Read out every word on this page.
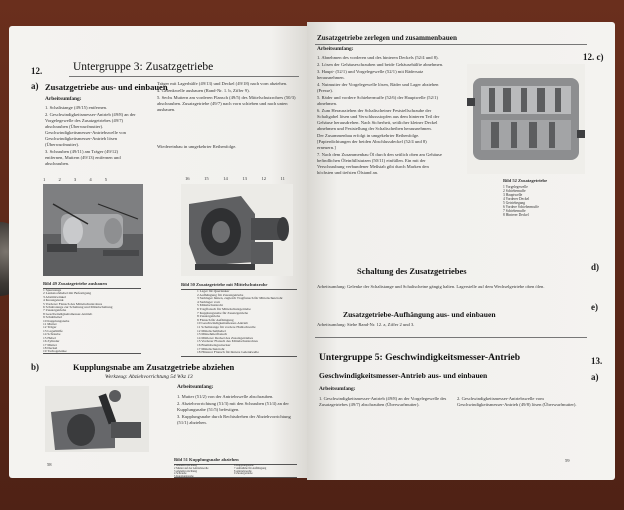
12.	Untergruppe 3: Zusatzgetriebe
a) Zusatzgetriebe aus- und einbauen
Arbeitsumfang:
1. Schaltstange (49/15) entfernen.
2. Geschwindigkeitsmesser-Antrieb (49/8) an der Vorgelegewelle des Zusatzgetriebes (49/7) abschrauben (Überwurfmutter). Geschwindigkeitsmesser-Antriebswelle von Geschwindigkeitsmesser-Antrieb lösen (Überwurfmutter).
3. Schrauben (49/11) am Träger (49/12) entfernen, Muttern (49/13) entfernen und abschrauben.
Träger mit Lagerhülfe (49/13) und Deckel (49/18) nach vorn abziehen.
4. Gelenkwelle ausbauen (Rand-Nr. 1. b, Ziffer 9).
5. Sechs Muttern am vorderen Flansch (49/5) des Mittelschutzrohres (50/3) abschrauben. Zusatzgetriebe (49/7) nach vorn schieben und nach unten ausbauen.
Wiedereinbau in umgekehrter Reihenfolge.
1 2 3 4 5
Bild 49 Zusatzgetriebe ausbauen
1 Spurstange
2 Lenkstockhebel mit Befestigung
3 Abstützwinkel
4 Kreuzgelenk
5 Vorderer Flansch des Mittelschutzrohres
6 Schaltstange zur Schaltung und Mittelschaltung
7 Zusatzgetriebe
8 Geschwindigkeitsmesser-Antrieb
9 Schalthebel
10 Kupplungsnabe
11 Mutter
12 Träger
13 Lagerhülfe
14 Schraube
15 Hebel
16 Zylinder
17 Mutter
18 Deckel
19 Tachogelenke
16	15	14	13	12	11
Bild 50 Zusatzgetriebe mit Mittelschutzrohr
1 Lager für Querlenker
2 Aufhängung für Zusatzgetriebe
3 Stehlager hinten, zugleich Tragflansch für Mittelschutzrohr
4 Stehlager vorn
5 Mittelschutzrohr
6 Tragflansch für Mittelschutzgetriebe
7 Kupplungsnabe für Zusatzgetriebe
8 Zusatzgetriebe
9 Flansch für Aufhängung
10 Geschwindigkeitsmesser-Antrieb
11 Schaltstange für vordere Hohlschwelle
12 Mittelschalthebel
13 Mitnehmerflansch
14 Mittlerer Deckel des Zusatzgetriebes
15 Vorderer Flansch des Mittelschutzrohres
16 Bremsbelagsstrecker
17 Mittelschutzrohr
18 Hinterer Flansch für hintere Gelenkwelle
b)	Kupplungsnabe am Zusatzgetriebe abziehen
Werkzeug: Abziehvorrichtung 54 Wkz 13
Arbeitsumfang:
1. Mutter (51/2) von der Antriebswelle abschrauben.
2. Abziehvorrichtung (51/3) mit den Schrauben (51/4) an der Kupplungsnabe (51/5) befestigen.
3. Kupplungsnabe durch Rechtsdrehen der Abziehvorrichtung (51/1) abziehen.
Bild 51 Kupplungsnabe abziehen
1 Abziehvorrichtung
2 Mutter auf der Antriebswelle
3 Abziehvorrichtung
4 Schraube
5 Kupplungsnabe
6 Kupplungsnabe
7 Aufnahme für Aufhängung
8 Antriebswelle
9 Zusatzgetriebe
58
Zusatzgetriebe zerlegen und zusammenbauen
12. c)
Arbeitsumfang:
1. Abnehmen des vorderen und des hinteren Deckels (52/4 und 8).
2. Lösen der Gehäuseschrauben und beide Gehäusehälfte abnehmen.
3. Haupt- (52/1) und Vorgelegewelle (52/1) mit Rädersatz herausnehmen.
4. Nutmutter der Vorgelegewelle lösen, Räder und Lager abziehen (Presse).
5. Räder und vordere Schiebermuffe (52/6) der Hauptwelle (52/1) abnehmen.
6. Zum Herausziehen der Schaltscheiner Feststellschraube der Schaltgabel lösen und Verschlussstopfen aus dem hinteren Teil der Gehäuse herausdrehen. Nach Sicherheit, seitlicher kleiner Deckel abnehmen und Feststellung der Schaltscheiben herausnehmen.
Der Zusammenbau erfolgt in umgekehrter Reihenfolge. [Papierdichtungen der beiden Abschlussdeckel (52/4 und 8) erneuern.]
7. Nach dem Zusammenbau Öl durch den seitlich oben am Gehäuse befindlichen Öleinfüllstutzen (50/11) einfüllen. Ein mit der Verschraubung verbundener Meßstab gibt durch Marken den höchsten und tiefsten Ölstand an.
Bild 52 Zusatzgetriebe
1 Vorgelegewelle
2 Schiebemuffe
3 Hauptwelle
4 Vorderer Deckel
5 Getriebegang
6 Vordere Schiebermuffe
7 Schiebemuffe
8 Hinterer Deckel
d)
Schaltung des Zusatzgetriebes
Arbeitsumfang: Gelenke der Schaltstange und Schaltscheine gängig halten. Lagerstelle auf dem Wechselgetriebe oben ölen.
e)
Zusatzgetriebe-Aufhängung aus- und einbauen
Arbeitsumfang: Siehe Rand-Nr. 12. a, Ziffer 2 und 3.
Untergruppe 5: Geschwindigkeitsmesser-Antrieb	13.
a)
Geschwindigkeitsmesser-Antrieb aus- und einbauen
Arbeitsumfang:
1. Geschwindigkeitsmesser-Antrieb (49/8) an der Vorgelegewelle des Zusatzgetriebes (49/7) abschrauben (Überwurfmutter).
2. Geschwindigkeitsmesser-Antriebswelle vom Geschwindigkeitsmesser-Antrieb (49/8) lösen (Überwurfmutter).
59
